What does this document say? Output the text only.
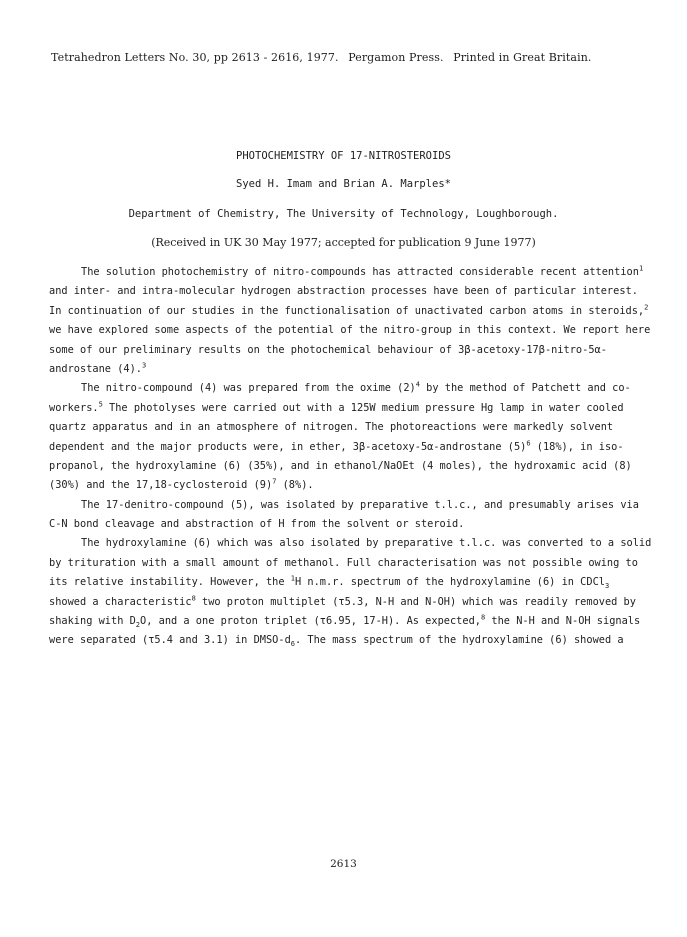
Tetrahedron Letters No. 30, pp 2613 - 2616, 1977. Pergamon Press. Printed in Great Britain.
PHOTOCHEMISTRY OF 17-NITROSTEROIDS
Syed H. Imam and Brian A. Marples*
Department of Chemistry, The University of Technology, Loughborough.
(Received in UK 30 May 1977; accepted for publication 9 June 1977)
The solution photochemistry of nitro-compounds has attracted considerable recent attention$^1$
and inter- and intra-molecular hydrogen abstraction processes have been of particular interest.
In continuation of our studies in the functionalisation of unactivated carbon atoms in steroids,$^2$
we have explored some aspects of the potential of the nitro-group in this context. We report here
some of our preliminary results on the photochemical behaviour of 3β-acetoxy-17β-nitro-5α-
androstane (4).$^3$
The nitro-compound (4) was prepared from the oxime $(2)^4$ by the method of Patchett and co-
workers.$^5$ The photolyses were carried out with a 125W medium pressure Hg lamp in water cooled
quartz apparatus and in an atmosphere of nitrogen. The photoreactions were markedly solvent
dependent and the major products were, in ether, 3β-acetoxy-5α-androstane $(5)^6$ (18%), in iso-
propanol, the hydroxylamine (6) (35%), and in ethanol/NaOEt (4 moles), the hydroxamic acid (8)
(30%) and the 17,18-cyclosteroid $(9)^7$ (8%).
The 17-denitro-compound (5), was isolated by preparative t.l.c., and presumably arises via
C-N bond cleavage and abstraction of H from the solvent or steroid.
The hydroxylamine (6) which was also isolated by preparative t.l.c. was converted to a solid
by trituration with a small amount of methanol. Full characterisation was not possible owing to
its relative instability. However, the $^1$H n.m.r. spectrum of the hydroxylamine (6) in CDCl$_3$
showed a characteristic$^8$ two proton multiplet (τ5.3, N-H and N-OH) which was readily removed by
shaking with $D_2O$, and a one proton triplet (τ6.95, 17-H). As expected,$^8$ the N-H and N-OH signals
were separated (τ5.4 and 3.1) in DMSO-$d_6$. The mass spectrum of the hydroxylamine (6) showed a
2613
